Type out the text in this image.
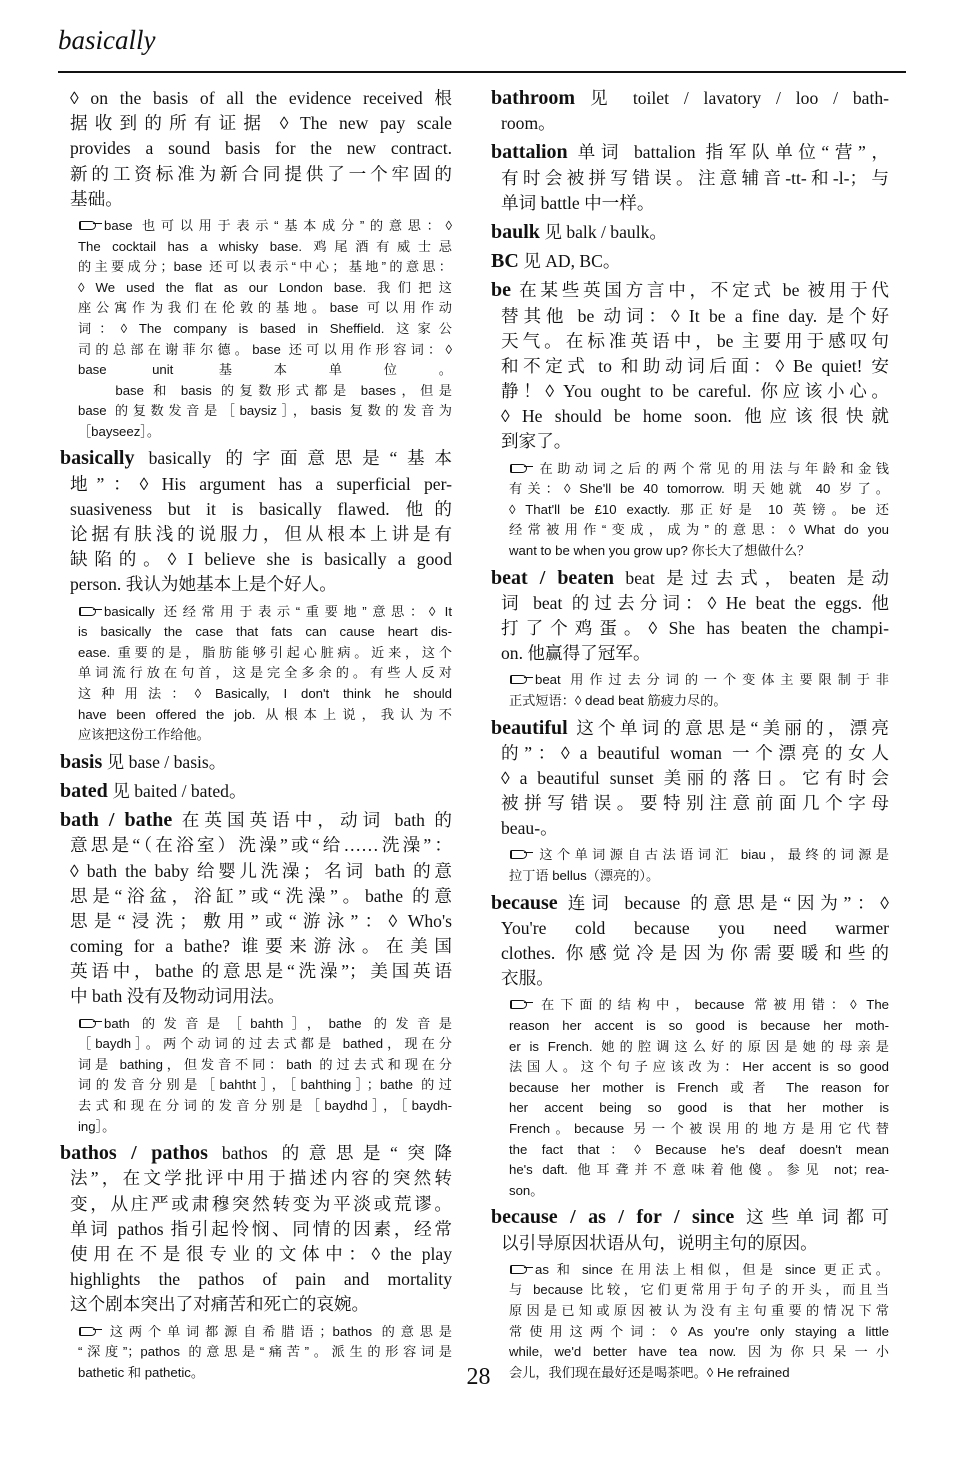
basically
◊ on the basis of all the evidence received 根
据收到的所有证据 ◊ The new pay scale
provides a sound basis for the new contract.
新的工资标准为新合同提供了一个牢固的
基础。
base 也可以用于表示“基本成分”的意思：◊
The cocktail has a whisky base. 鸡尾酒有威士忌
的主要成分；base 还可以表示“中心；基地”的意思：
◊ We used the flat as our London base. 我们把这
座公寓作为我们在伦敦的基地。base 可以用作动
词：◊ The company is based in Sheffield. 这家公
司的总部在谢菲尔德。base 还可以用作形容词：◊
base unit 基本单位。
　　base 和 basis 的复数形式都是 bases，但是
base 的复数发音是［baysiz］，basis 复数的发音为
［bayseez］。
basically basically 的字面意思是“基本
地”：◊ His argument has a superficial per-
suasiveness but it is basically flawed. 他的
论据有肤浅的说服力，但从根本上讲是有
缺陷的。◊ I believe she is basically a good
person. 我认为她基本上是个好人。
basically 还经常用于表示“重要地”意思：◊ It
is basically the case that fats can cause heart dis-
ease. 重要的是，脂肪能够引起心脏病。近来，这个
单词流行放在句首，这是完全多余的。有些人反对
这种用法：◊ Basically, I don't think he should
have been offered the job. 从根本上说，我认为不
应该把这份工作给他。
basis 见 base / basis。
bated 见 baited / bated。
bath / bathe 在英国英语中，动词 bath 的
意思是“（在浴室）洗澡”或“给……洗澡”：
◊ bath the baby 给婴儿洗澡；名词 bath 的意
思是“浴盆，浴缸”或“洗澡”。bathe 的意
思是“浸洗；敷用”或“游泳”：◊ Who's
coming for a bathe? 谁要来游泳。在美国
英语中，bathe 的意思是“洗澡”；美国英语
中 bath 没有及物动词用法。
bath 的发音是［bahth］，bathe 的发音是
［baydh］。两个动词的过去式都是 bathed，现在分
词是 bathing，但发音不同：bath 的过去式和现在分
词的发音分别是［bahtht］，［bahthing］；bathe 的过
去式和现在分词的发音分别是［baydhd］，［baydh-
ing］。
bathos / pathos bathos 的意思是“突降
法”，在文学批评中用于描述内容的突然转
变，从庄严或肃穆突然转变为平淡或荒谬。
单词 pathos 指引起怜悯、同情的因素，经常
使用在不是很专业的文体中：◊ the play
highlights the pathos of pain and mortality
这个剧本突出了对痛苦和死亡的哀婉。
这两个单词都源自希腊语；bathos 的意思是
“深度”；pathos 的意思是“痛苦”。派生的形容词是
bathetic 和 pathetic。
bathroom 见 toilet / lavatory / loo / bath-
room。
battalion 单词 battalion 指军队单位“营”，
有时会被拼写错误。注意辅音-tt-和-l-；与
单词 battle 中一样。
baulk 见 balk / baulk。
BC 见 AD, BC。
be 在某些英国方言中，不定式 be 被用于代
替其他 be 动词：◊ It be a fine day. 是个好
天气。在标准英语中，be 主要用于感叹句
和不定式 to 和助动词后面：◊ Be quiet! 安
静！◊ You ought to be careful. 你应该小心。
◊ He should be home soon. 他应该很快就
到家了。
在助动词之后的两个常见的用法与年龄和金钱
有关：◊ She'll be 40 tomorrow. 明天她就 40 岁了。
◊ That'll be £10 exactly. 那正好是 10 英镑。be 还
经常被用作“变成，成为”的意思：◊ What do you
want to be when you grow up? 你长大了想做什么？
beat / beaten beat 是过去式，beaten 是动
词 beat 的过去分词：◊ He beat the eggs. 他
打了个鸡蛋。◊ She has beaten the champi-
on. 他赢得了冠军。
beat 用作过去分词的一个变体主要限制于非
正式短语：◊ dead beat 筋疲力尽的。
beautiful 这个单词的意思是“美丽的，漂亮
的”：◊ a beautiful woman 一个漂亮的女人
◊ a beautiful sunset 美丽的落日。它有时会
被拼写错误。要特别注意前面几个字母
beau-。
这个单词源自古法语词汇 biau，最终的词源是
拉丁语 bellus（漂亮的）。
because 连词 because 的意思是“因为”：◊
You're cold because you need warmer
clothes. 你感觉冷是因为你需要暖和些的
衣服。
在下面的结构中，because 常被用错：◊ The
reason her accent is so good is because her moth-
er is French. 她的腔调这么好的原因是她的母亲是
法国人。这个句子应该改为：Her accent is so good
because her mother is French 或者 The reason for
her accent being so good is that her mother is
French。because 另一个被误用的地方是用它代替
the fact that：◊ Because he's deaf doesn't mean
he's daft. 他耳聋并不意味着他傻。参见 not；rea-
son。
because / as / for / since 这些单词都可
以引导原因状语从句，说明主句的原因。
as 和 since 在用法上相似，但是 since 更正式。
与 because 比较，它们更常用于句子的开头，而且当
原因是已知或原因被认为没有主句重要的情况下常
常使用这两个词：◊ As you're only staying a little
while, we'd better have tea now. 因为你只呆一小
会儿，我们现在最好还是喝茶吧。◊ He refrained
28
